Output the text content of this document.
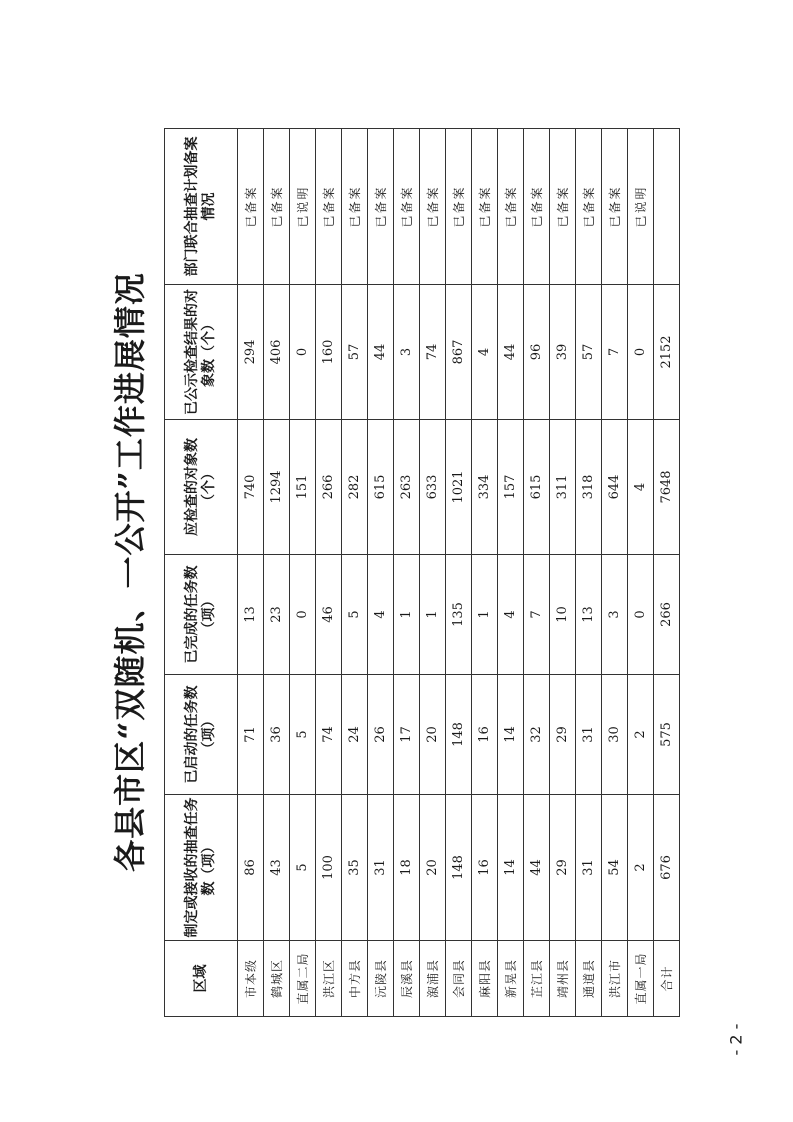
各县市区“双随机、一公开”工作进展情况
区域	制定或接收的抽查任务数（项）	已启动的任务数（项）	已完成的任务数（项）	应检查的对象数（个）	已公示检查结果的对象数（个）	部门联合抽查计划备案情况
市本级	86	71	13	740	294	已备案
鹤城区	43	36	23	1294	406	已备案
直属二局	5	5	0	151	0	已说明
洪江区	100	74	46	266	160	已备案
中方县	35	24	5	282	57	已备案
沅陵县	31	26	4	615	44	已备案
辰溪县	18	17	1	263	3	已备案
溆浦县	20	20	1	633	74	已备案
会同县	148	148	135	1021	867	已备案
麻阳县	16	16	1	334	4	已备案
新晃县	14	14	4	157	44	已备案
芷江县	44	32	7	615	96	已备案
靖州县	29	29	10	311	39	已备案
通道县	31	31	13	318	57	已备案
洪江市	54	30	3	644	7	已备案
直属一局	2	2	0	4	0	已说明
合计	676	575	266	7648	2152	
- 2 -
